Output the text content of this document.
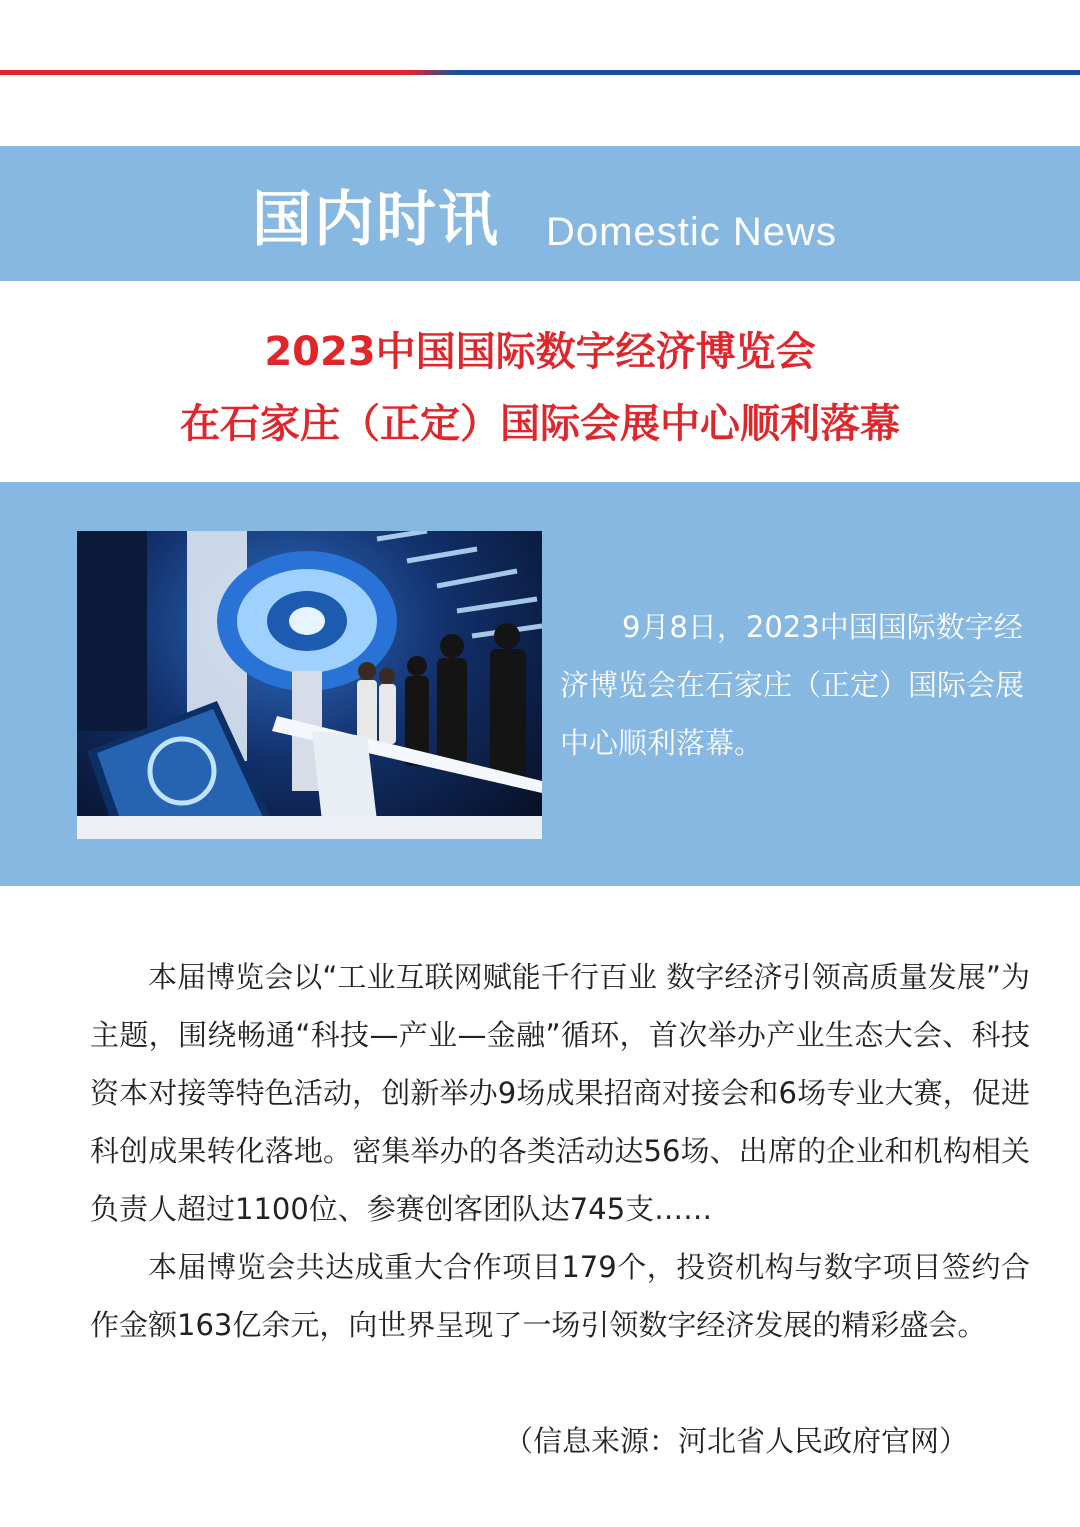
国内时讯 Domestic News
2023中国国际数字经济博览会
在石家庄（正定）国际会展中心顺利落幕
9月8日，2023中国国际数字经济博览会在石家庄（正定）国际会展中心顺利落幕。

本届博览会以“工业互联网赋能千行百业 数字经济引领高质量发展”为主题，围绕畅通“科技—产业—金融”循环，首次举办产业生态大会、科技资本对接等特色活动，创新举办9场成果招商对接会和6场专业大赛，促进科创成果转化落地。密集举办的各类活动达56场、出席的企业和机构相关负责人超过1100位、参赛创客团队达745支……

本届博览会共达成重大合作项目179个，投资机构与数字项目签约合作金额163亿余元，向世界呈现了一场引领数字经济发展的精彩盛会。

（信息来源：河北省人民政府官网）
